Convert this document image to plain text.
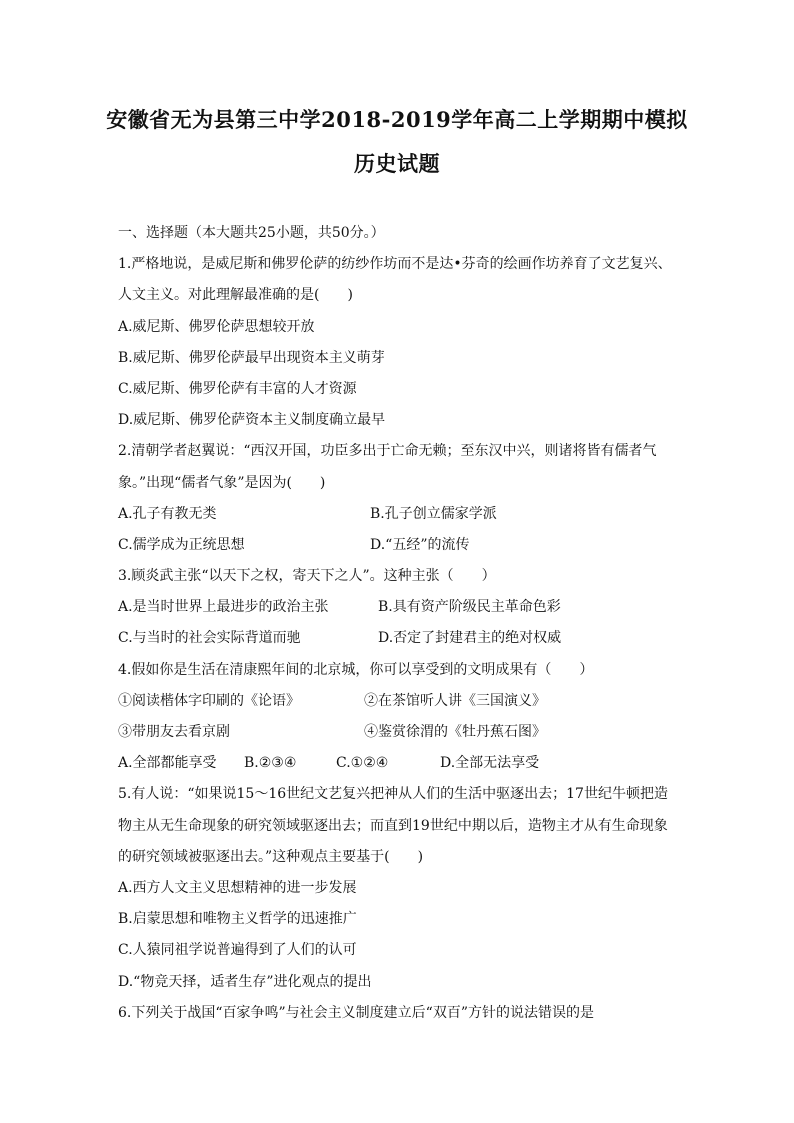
安徽省无为县第三中学2018-2019学年高二上学期期中模拟
历史试题
一、选择题（本大题共25小题，共50分。）
1.严格地说，是威尼斯和佛罗伦萨的纺纱作坊而不是达•芬奇的绘画作坊养育了文艺复兴、
人文主义。对此理解最准确的是(　　)
A.威尼斯、佛罗伦萨思想较开放
B.威尼斯、佛罗伦萨最早出现资本主义萌芽
C.威尼斯、佛罗伦萨有丰富的人才资源
D.威尼斯、佛罗伦萨资本主义制度确立最早
2.清朝学者赵翼说：“西汉开国，功臣多出于亡命无赖；至东汉中兴，则诸将皆有儒者气
象。”出现“儒者气象”是因为(　　)
A.孔子有教无类	B.孔子创立儒家学派
C.儒学成为正统思想	D.“五经”的流传
3.顾炎武主张“以天下之权，寄天下之人”。这种主张（　　）
A.是当时世界上最进步的政治主张	B.具有资产阶级民主革命色彩
C.与当时的社会实际背道而驰	D.否定了封建君主的绝对权威
4.假如你是生活在清康熙年间的北京城，你可以享受到的文明成果有（　　）
①阅读楷体字印刷的《论语》	②在茶馆听人讲《三国演义》
③带朋友去看京剧	④鉴赏徐渭的《牡丹蕉石图》
A.全部都能享受 B.②③④	C.①②④	D.全部无法享受
5.有人说：“如果说15～16世纪文艺复兴把神从人们的生活中驱逐出去；17世纪牛顿把造
物主从无生命现象的研究领域驱逐出去；而直到19世纪中期以后，造物主才从有生命现象
的研究领域被驱逐出去。”这种观点主要基于(　　)
A.西方人文主义思想精神的进一步发展
B.启蒙思想和唯物主义哲学的迅速推广
C.人猿同祖学说普遍得到了人们的认可
D.“物竞天择，适者生存”进化观点的提出
6.下列关于战国“百家争鸣”与社会主义制度建立后“双百”方针的说法错误的是
